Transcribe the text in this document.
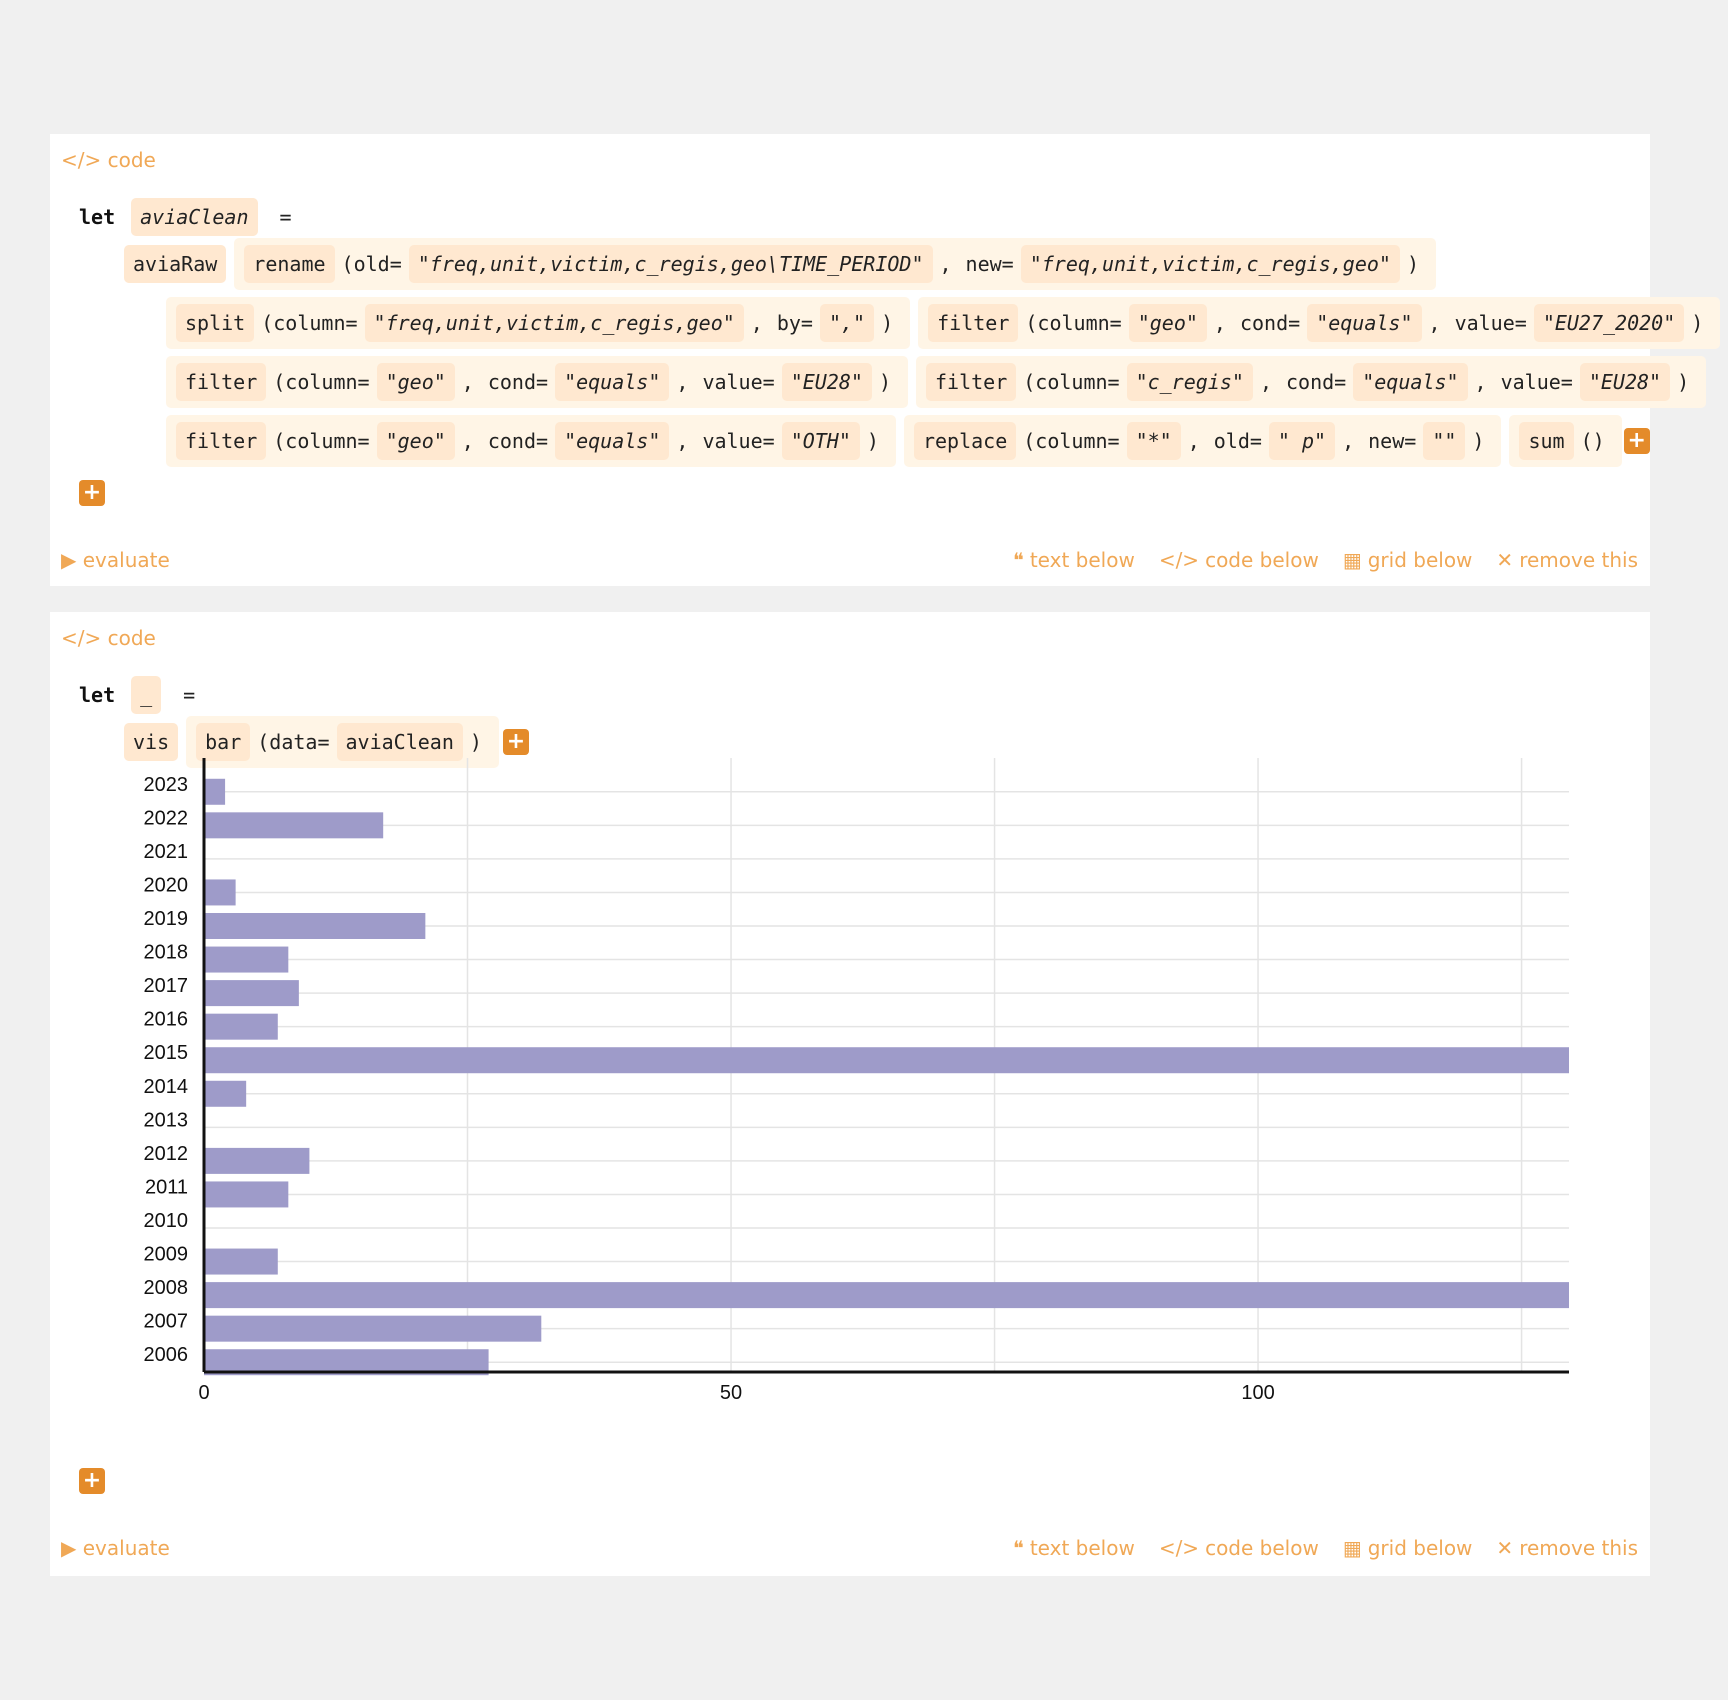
</> code
let	aviaClean	=
aviaRaw	rename (old= "freq,unit,victim,c_regis,geo\TIME_PERIOD" , new= "freq,unit,victim,c_regis,geo" )
split (column= "freq,unit,victim,c_regis,geo" , by= "," )	filter (column= "geo" , cond= "equals" , value= "EU27_2020" )
filter (column= "geo" , cond= "equals" , value= "EU28" )	filter (column= "c_regis" , cond= "equals" , value= "EU28" )
filter (column= "geo" , cond= "equals" , value= "OTH" )	replace (column= "*" , old= " p" , new= "" )	sum () +
+
▶ evaluate	❝ text below </> code below ▦ grid below ✕ remove this
</> code
let	_	=
vis	bar (data= aviaClean ) +
2023
2022
2021
2020
2019
2018
2017
2016
2015
2014
2013
2012
2011
2010
2009
2008
2007
2006
0	50	100
+
▶ evaluate	❝ text below </> code below ▦ grid below ✕ remove this
